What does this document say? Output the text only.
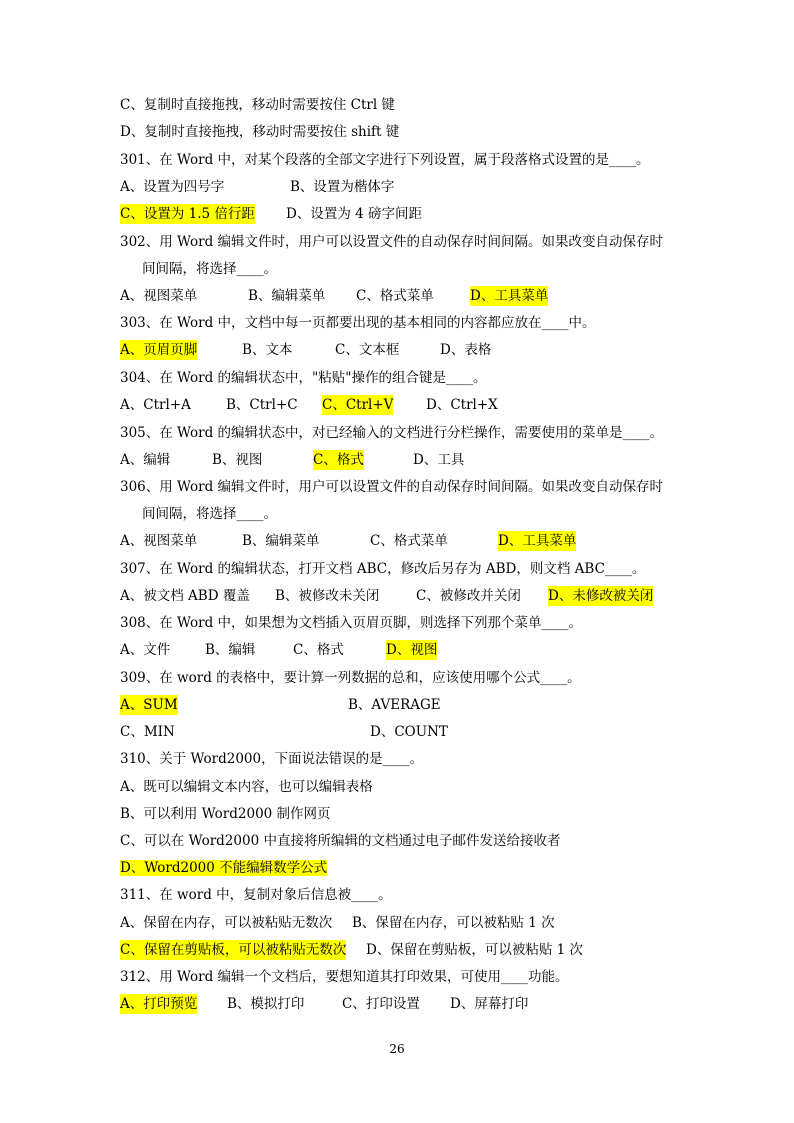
C、复制时直接拖拽，移动时需要按住 Ctrl 键
D、复制时直接拖拽，移动时需要按住 shift 键
301、在 Word 中，对某个段落的全部文字进行下列设置，属于段落格式设置的是____。
A、设置为四号字	B、设置为楷体字
C、设置为 1.5 倍行距 D、设置为 4 磅字间距
302、用 Word 编辑文件时，用户可以设置文件的自动保存时间间隔。如果改变自动保存时
间间隔，将选择____。
A、视图菜单	B、编辑菜单 C、格式菜单	D、工具菜单
303、在 Word 中，文档中每一页都要出现的基本相同的内容都应放在____中。
A、页眉页脚	B、文本	C、文本框	D、表格
304、在 Word 的编辑状态中，"粘贴"操作的组合键是____。
A、Ctrl+A	B、Ctrl+C C、Ctrl+V D、Ctrl+X
305、在 Word 的编辑状态中，对已经输入的文档进行分栏操作，需要使用的菜单是____。
A、编辑	B、视图	C、格式	D、工具
306、用 Word 编辑文件时，用户可以设置文件的自动保存时间间隔。如果改变自动保存时
间间隔，将选择____。
A、视图菜单	B、编辑菜单	C、格式菜单	D、工具菜单
307、在 Word 的编辑状态，打开文档 ABC，修改后另存为 ABD，则文档 ABC____。
A、被文档 ABD 覆盖 B、被修改未关闭	C、被修改并关闭 D、未修改被关闭
308、在 Word 中，如果想为文档插入页眉页脚，则选择下列那个菜单____。
A、文件	B、编辑	C、格式	D、视图
309、在 word 的表格中，要计算一列数据的总和，应该使用哪个公式____。
A、SUM	B、AVERAGE
C、MIN	D、COUNT
310、关于 Word2000，下面说法错误的是____。
A、既可以编辑文本内容，也可以编辑表格
B、可以利用 Word2000 制作网页
C、可以在 Word2000 中直接将所编辑的文档通过电子邮件发送给接收者
D、Word2000 不能编辑数学公式
311、在 word 中，复制对象后信息被____。
A、保留在内存，可以被粘贴无数次 B、保留在内存，可以被粘贴 1 次
C、保留在剪贴板，可以被粘贴无数次 D、保留在剪贴板，可以被粘贴 1 次
312、用 Word 编辑一个文档后，要想知道其打印效果，可使用____功能。
A、打印预览 B、模拟打印	C、打印设置 D、屏幕打印
26
